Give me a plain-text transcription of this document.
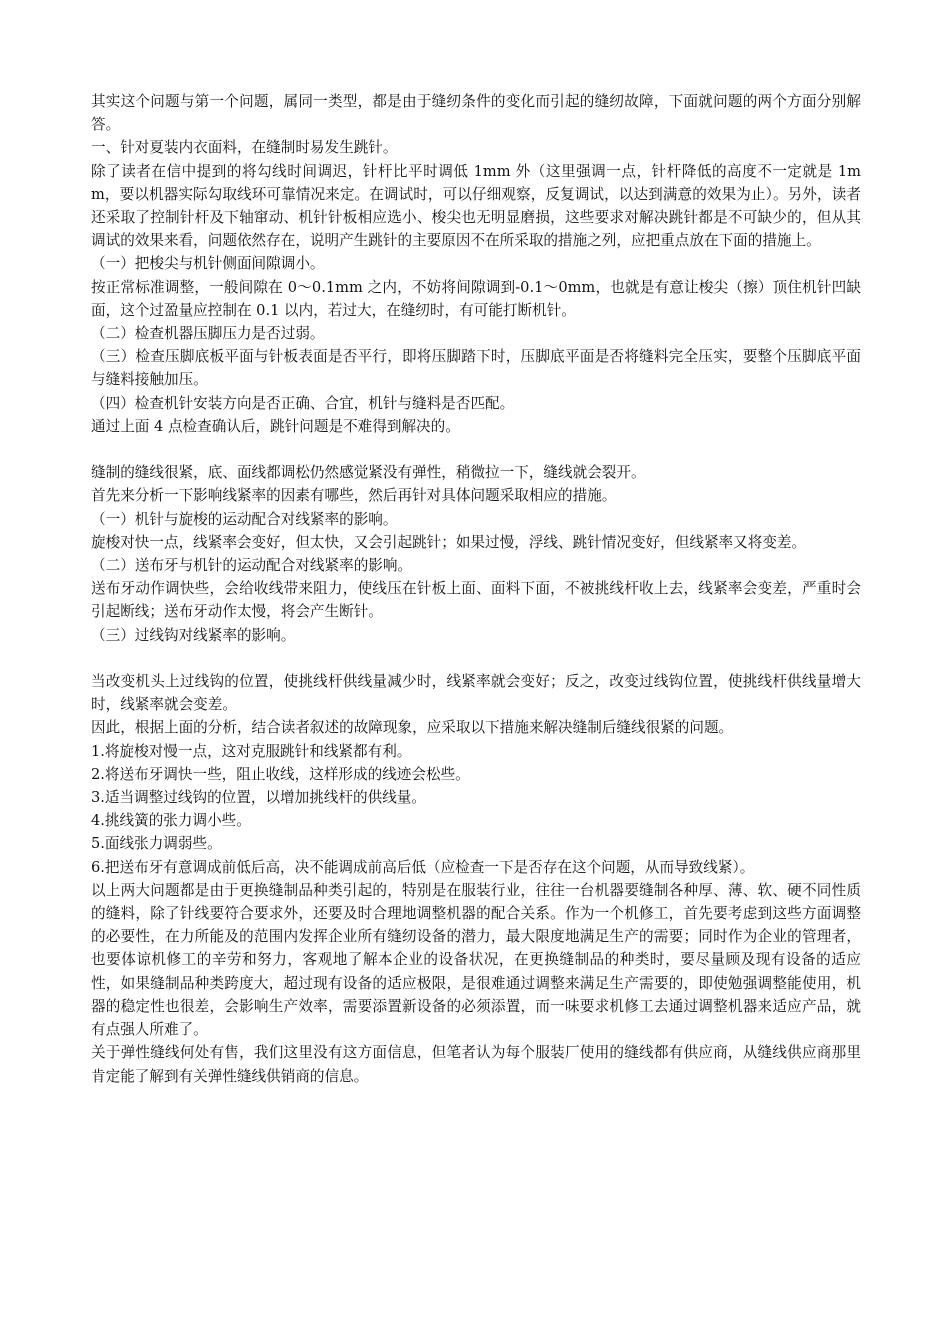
其实这个问题与第一个问题，属同一类型，都是由于缝纫条件的变化而引起的缝纫故障，下面就问题的两个方面分别解答。

一、针对夏装内衣面料，在缝制时易发生跳针。

除了读者在信中提到的将勾线时间调迟，针杆比平时调低 1mm 外（这里强调一点，针杆降低的高度不一定就是 1mm，要以机器实际勾取线环可靠情况来定。在调试时，可以仔细观察，反复调试，以达到满意的效果为止）。另外，读者还采取了控制针杆及下轴窜动、机针针板相应选小、梭尖也无明显磨损，这些要求对解决跳针都是不可缺少的，但从其调试的效果来看，问题依然存在，说明产生跳针的主要原因不在所采取的措施之列，应把重点放在下面的措施上。

（一）把梭尖与机针侧面间隙调小。

按正常标准调整，一般间隙在 0～0.1mm 之内，不妨将间隙调到-0.1～0mm，也就是有意让梭尖（擦）顶住机针凹缺面，这个过盈量应控制在 0.1 以内，若过大，在缝纫时，有可能打断机针。

（二）检查机器压脚压力是否过弱。

（三）检查压脚底板平面与针板表面是否平行，即将压脚踏下时，压脚底平面是否将缝料完全压实，要整个压脚底平面与缝料接触加压。

（四）检查机针安装方向是否正确、合宜，机针与缝料是否匹配。

通过上面 4 点检查确认后，跳针问题是不难得到解决的。

缝制的缝线很紧，底、面线都调松仍然感觉紧没有弹性，稍微拉一下，缝线就会裂开。

首先来分析一下影响线紧率的因素有哪些，然后再针对具体问题采取相应的措施。

（一）机针与旋梭的运动配合对线紧率的影响。

旋梭对快一点，线紧率会变好，但太快，又会引起跳针；如果过慢，浮线、跳针情况变好，但线紧率又将变差。

（二）送布牙与机针的运动配合对线紧率的影响。

送布牙动作调快些，会给收线带来阻力，使线压在针板上面、面料下面，不被挑线杆收上去，线紧率会变差，严重时会引起断线；送布牙动作太慢，将会产生断针。

（三）过线钩对线紧率的影响。

当改变机头上过线钩的位置，使挑线杆供线量减少时，线紧率就会变好；反之，改变过线钩位置，使挑线杆供线量增大时，线紧率就会变差。

因此，根据上面的分析，结合读者叙述的故障现象，应采取以下措施来解决缝制后缝线很紧的问题。

1.将旋梭对慢一点，这对克服跳针和线紧都有利。

2.将送布牙调快一些，阻止收线，这样形成的线迹会松些。

3.适当调整过线钩的位置，以增加挑线杆的供线量。

4.挑线簧的张力调小些。

5.面线张力调弱些。

6.把送布牙有意调成前低后高，决不能调成前高后低（应检查一下是否存在这个问题，从而导致线紧）。

以上两大问题都是由于更换缝制品种类引起的，特别是在服装行业，往往一台机器要缝制各种厚、薄、软、硬不同性质的缝料，除了针线要符合要求外，还要及时合理地调整机器的配合关系。作为一个机修工，首先要考虑到这些方面调整的必要性，在力所能及的范围内发挥企业所有缝纫设备的潜力，最大限度地满足生产的需要；同时作为企业的管理者，也要体谅机修工的辛劳和努力，客观地了解本企业的设备状况，在更换缝制品的种类时，要尽量顾及现有设备的适应性，如果缝制品种类跨度大，超过现有设备的适应极限，是很难通过调整来满足生产需要的，即使勉强调整能使用，机器的稳定性也很差，会影响生产效率，需要添置新设备的必须添置，而一味要求机修工去通过调整机器来适应产品，就有点强人所难了。

关于弹性缝线何处有售，我们这里没有这方面信息，但笔者认为每个服装厂使用的缝线都有供应商，从缝线供应商那里肯定能了解到有关弹性缝线供销商的信息。
